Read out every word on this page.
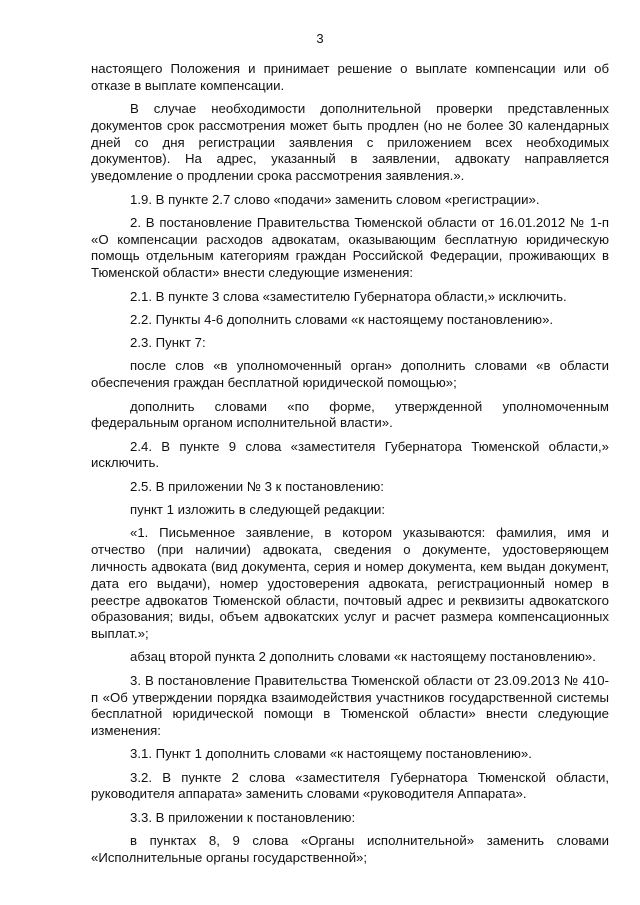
3

настоящего Положения и принимает решение о выплате компенсации или об отказе в выплате компенсации.

В случае необходимости дополнительной проверки представленных документов срок рассмотрения может быть продлен (но не более 30 календарных дней со дня регистрации заявления с приложением всех необходимых документов). На адрес, указанный в заявлении, адвокату направляется уведомление о продлении срока рассмотрения заявления.».

1.9. В пункте 2.7 слово «подачи» заменить словом «регистрации».

2. В постановление Правительства Тюменской области от 16.01.2012 № 1-п «О компенсации расходов адвокатам, оказывающим бесплатную юридическую помощь отдельным категориям граждан Российской Федерации, проживающих в Тюменской области» внести следующие изменения:

2.1. В пункте 3 слова «заместителю Губернатора области,» исключить.

2.2. Пункты 4-6 дополнить словами «к настоящему постановлению».

2.3. Пункт 7:

после слов «в уполномоченный орган» дополнить словами «в области обеспечения граждан бесплатной юридической помощью»;

дополнить словами «по форме, утвержденной уполномоченным федеральным органом исполнительной власти».

2.4. В пункте 9 слова «заместителя Губернатора Тюменской области,» исключить.

2.5. В приложении № 3 к постановлению:

пункт 1 изложить в следующей редакции:

«1. Письменное заявление, в котором указываются: фамилия, имя и отчество (при наличии) адвоката, сведения о документе, удостоверяющем личность адвоката (вид документа, серия и номер документа, кем выдан документ, дата его выдачи), номер удостоверения адвоката, регистрационный номер в реестре адвокатов Тюменской области, почтовый адрес и реквизиты адвокатского образования; виды, объем адвокатских услуг и расчет размера компенсационных выплат.»;

абзац второй пункта 2 дополнить словами «к настоящему постановлению».

3. В постановление Правительства Тюменской области от 23.09.2013 № 410-п «Об утверждении порядка взаимодействия участников государственной системы бесплатной юридической помощи в Тюменской области» внести следующие изменения:

3.1. Пункт 1 дополнить словами «к настоящему постановлению».

3.2. В пункте 2 слова «заместителя Губернатора Тюменской области, руководителя аппарата» заменить словами «руководителя Аппарата».

3.3. В приложении к постановлению:

в пунктах 8, 9 слова «Органы исполнительной» заменить словами «Исполнительные органы государственной»;
